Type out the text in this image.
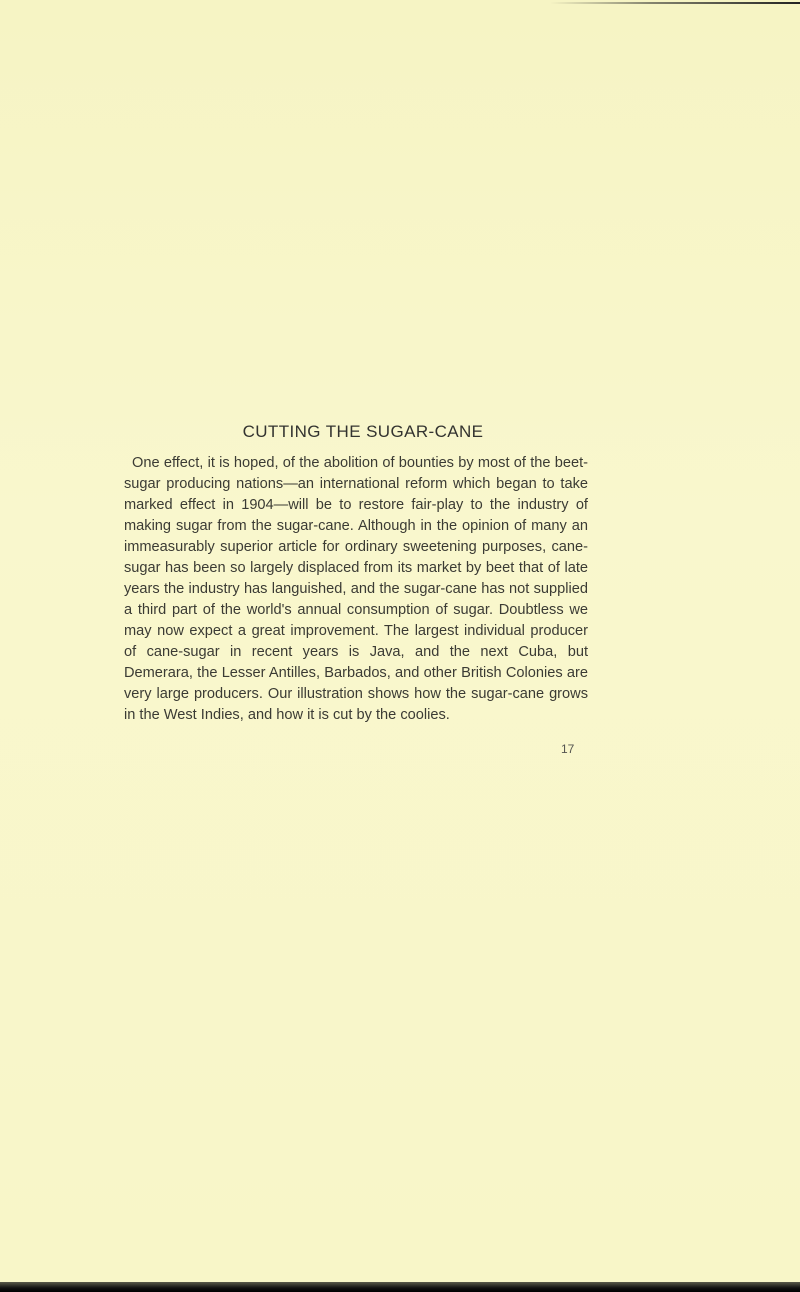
CUTTING THE SUGAR-CANE

One effect, it is hoped, of the abolition of bounties by most of the beet-sugar producing nations—an international reform which began to take marked effect in 1904—will be to restore fair-play to the industry of making sugar from the sugar-cane. Although in the opinion of many an immeasurably superior article for ordinary sweetening purposes, cane-sugar has been so largely displaced from its market by beet that of late years the industry has languished, and the sugar-cane has not supplied a third part of the world's annual consumption of sugar. Doubtless we may now expect a great improvement. The largest individual producer of cane-sugar in recent years is Java, and the next Cuba, but Demerara, the Lesser Antilles, Barbados, and other British Colonies are very large producers. Our illustration shows how the sugar-cane grows in the West Indies, and how it is cut by the coolies.

17
